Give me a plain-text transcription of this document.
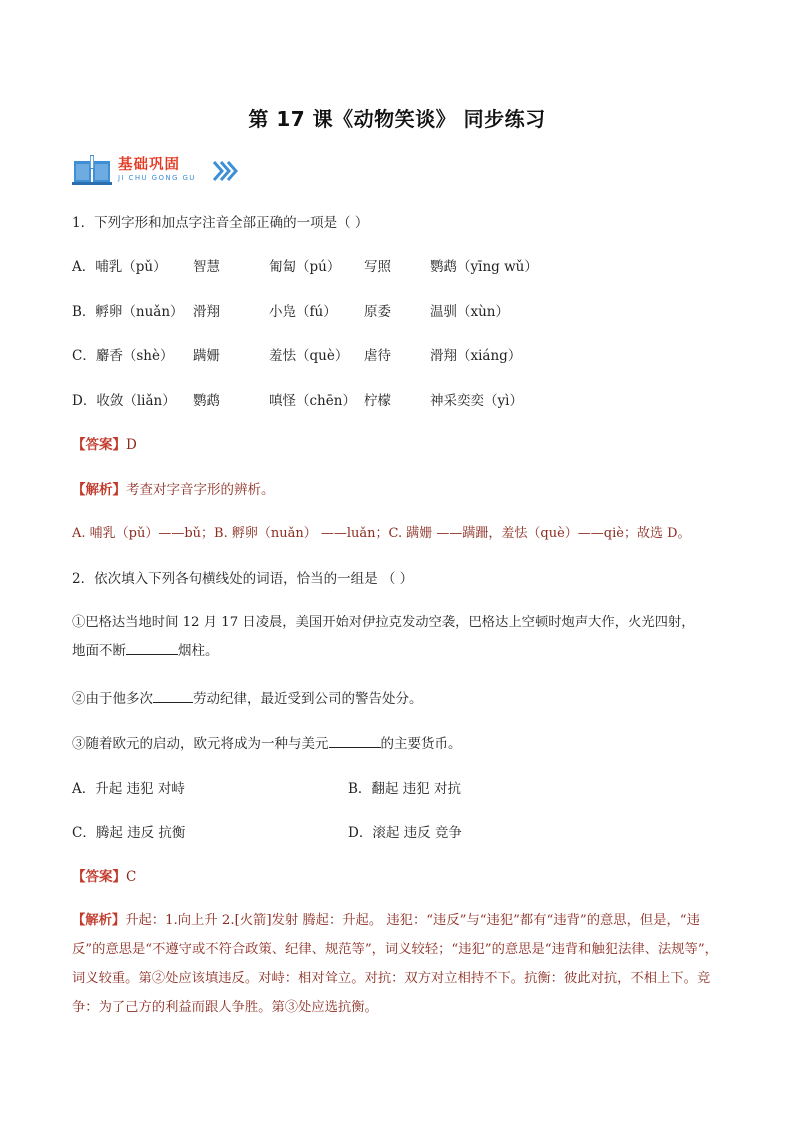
第 17 课《动物笑谈》 同步练习
基础巩固
JI CHU GONG GU
1．下列字形和加点字注音全部正确的一项是（ ）
A．哺乳（pǔ） 智慧	匍匐（pú） 写照	鹦鹉（yīng wǔ）
B．孵卵（nuǎn） 滑翔	小凫（fú） 原委	温驯（xùn）
C．麝香（shè） 蹒姗	羞怯（què） 虐待	滑翔（xiáng）
D．收敛（liǎn） 鹦鹉	嗔怪（chēn） 柠檬	神采奕奕（yì）
【答案】D
【解析】考查对字音字形的辨析。
A. 哺乳（pǔ）——bǔ；B. 孵卵（nuǎn） ——luǎn；C. 蹒姗 ——蹒跚，羞怯（què）——qiè；故选 D。
2．依次填入下列各句横线处的词语，恰当的一组是 （ ）
①巴格达当地时间 12 月 17 日凌晨，美国开始对伊拉克发动空袭，巴格达上空顿时炮声大作，火光四射，
地面不断	烟柱。
②由于他多次	劳动纪律，最近受到公司的警告处分。
③随着欧元的启动，欧元将成为一种与美元	的主要货币。
A．升起 违犯 对峙	B．翻起 违犯 对抗
C．腾起 违反 抗衡	D．滚起 违反 竞争
【答案】C
【解析】升起：1.向上升 2.[火箭]发射 腾起：升起。 违犯：“违反”与“违犯”都有“违背”的意思，但是，“违反”的意思是“不遵守或不符合政策、纪律、规范等”，词义较轻；“违犯”的意思是“违背和触犯法律、法规等”，词义较重。第②处应该填违反。对峙：相对耸立。对抗：双方对立相持不下。抗衡：彼此对抗，不相上下。竞争：为了己方的利益而跟人争胜。第③处应选抗衡。
